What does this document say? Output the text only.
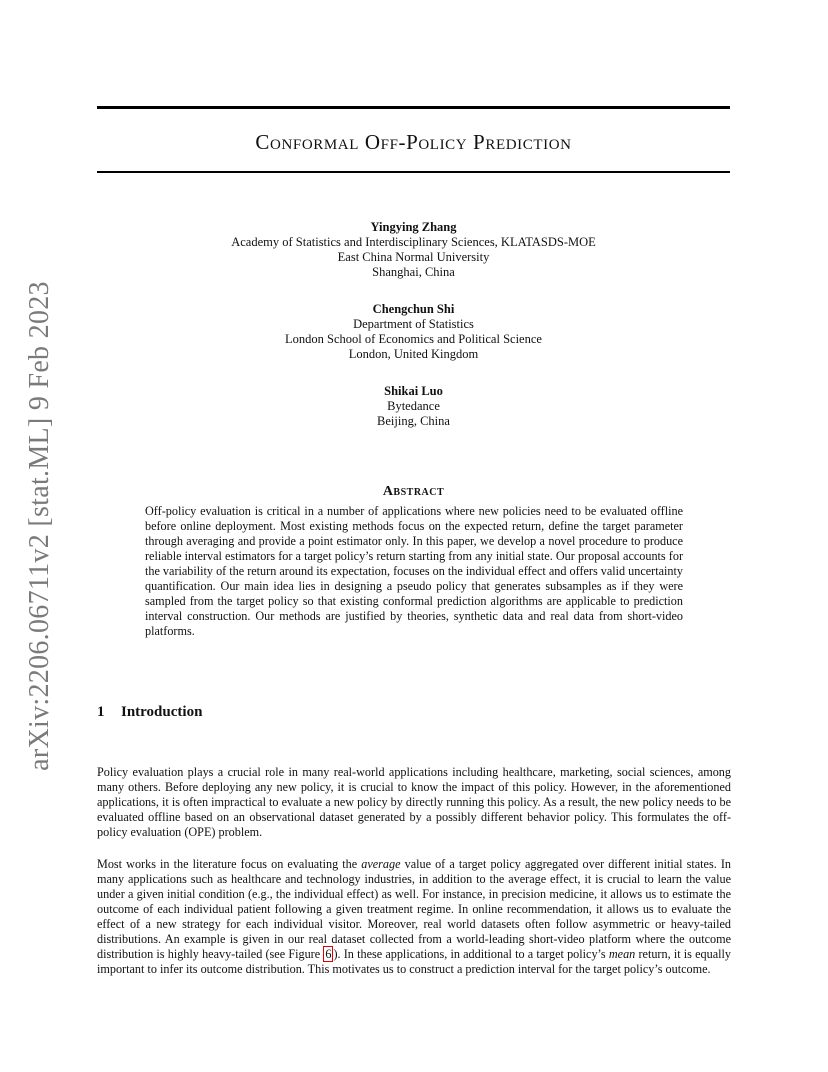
arXiv:2206.06711v2 [stat.ML] 9 Feb 2023
Conformal Off-Policy Prediction
Yingying Zhang
Academy of Statistics and Interdisciplinary Sciences, KLATASDS-MOE
East China Normal University
Shanghai, China
Chengchun Shi
Department of Statistics
London School of Economics and Political Science
London, United Kingdom
Shikai Luo
Bytedance
Beijing, China
Abstract
Off-policy evaluation is critical in a number of applications where new policies need to be evaluated offline before online deployment. Most existing methods focus on the expected return, define the target parameter through averaging and provide a point estimator only. In this paper, we develop a novel procedure to produce reliable interval estimators for a target policy’s return starting from any initial state. Our proposal accounts for the variability of the return around its expectation, focuses on the individual effect and offers valid uncertainty quantification. Our main idea lies in designing a pseudo policy that generates subsamples as if they were sampled from the target policy so that existing conformal prediction algorithms are applicable to prediction interval construction. Our methods are justified by theories, synthetic data and real data from short-video platforms.
1 Introduction
Policy evaluation plays a crucial role in many real-world applications including healthcare, marketing, social sciences, among many others. Before deploying any new policy, it is crucial to know the impact of this policy. However, in the aforementioned applications, it is often impractical to evaluate a new policy by directly running this policy. As a result, the new policy needs to be evaluated offline based on an observational dataset generated by a possibly different behavior policy. This formulates the off-policy evaluation (OPE) problem.
Most works in the literature focus on evaluating the average value of a target policy aggregated over different initial states. In many applications such as healthcare and technology industries, in addition to the average effect, it is crucial to learn the value under a given initial condition (e.g., the individual effect) as well. For instance, in precision medicine, it allows us to estimate the outcome of each individual patient following a given treatment regime. In online recommendation, it allows us to evaluate the effect of a new strategy for each individual visitor. Moreover, real world datasets often follow asymmetric or heavy-tailed distributions. An example is given in our real dataset collected from a world-leading short-video platform where the outcome distribution is highly heavy-tailed (see Figure 6 ). In these applications, in additional to a target policy’s mean return, it is equally important to infer its outcome distribution. This motivates us to construct a prediction interval for the target policy’s outcome.
